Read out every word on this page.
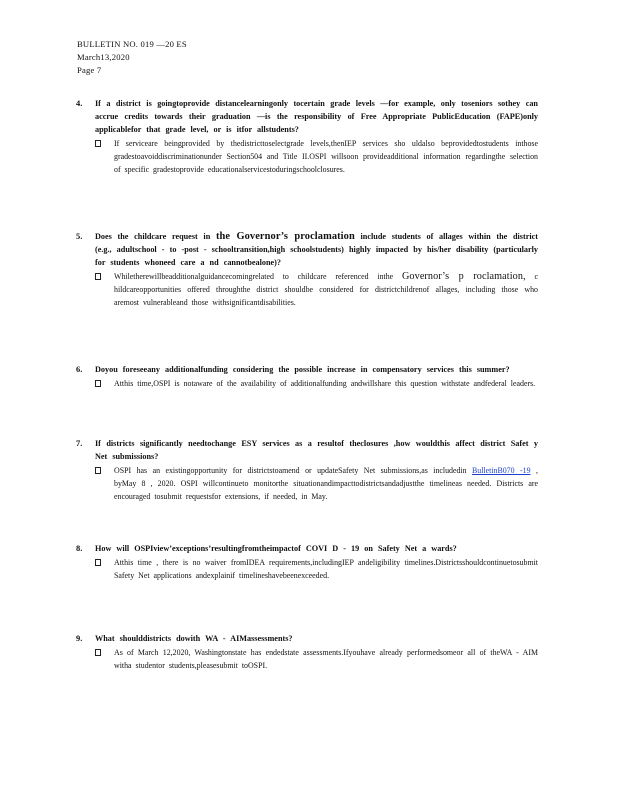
BULLETIN NO. 019 —20 ES
March13,2020
Page 7
4.	If a district is goingtoprovide distancelearningonly tocertain grade levels —for example, only toseniors sothey can accrue credits towards their graduation —is the responsibility of Free Appropriate PublicEducation (FAPE)only applicablefor that grade level, or is itfor allstudents?
If serviceare beingprovided by thedistricttoselectgrade levels,thenIEP services sho uldalso beprovidedtostudents inthose gradestoavoiddiscriminationunder Section504 and Title II.OSPI willsoon provideadditional information regardingthe selection of specific gradestoprovide educationalservicestoduringschoolclosures.
5.	Does the childcare request in the Governor’s proclamation include students of allages within the district (e.g., adultschool - to -post - schooltransition,high schoolstudents) highly impacted by his/her disability (particularly for students whoneed care a nd cannotbealone)?
Whiletherewillbeadditionalguidancecomingrelated to childcare referenced inthe Governor’s p roclamation, c hildcareopportunities offered throughthe district shouldbe considered for districtchildrenof allages, including those who aremost vulnerableand those withsignificantdisabilities.
6.	Doyou foreseeany additionalfunding considering the possible increase in compensatory services this summer?
Atthis time,OSPI is notaware of the availability of additionalfunding andwillshare this question withstate andfederal leaders.
7.	If districts significantly needtochange ESY services as a resultof theclosures ,how wouldthis affect district Safet y Net submissions?
OSPI has an existingopportunity for districtstoamend or updateSafety Net submissions,as includedin BulletinB070 -19 , byMay 8 , 2020. OSPI willcontinueto monitorthe situationandimpacttodistrictsandadjustthe timelineas needed. Districts are encouraged tosubmit requestsfor extensions, if needed, in May.
8.	How will OSPIview’exceptions’resultingfromtheimpactof COVI D - 19 on Safety Net a wards?
Atthis time , there is no waiver fromIDEA requirements,includingIEP andeligibility timelines.Districtsshouldcontinuetosubmit Safety Net applications andexplainif timelineshavebeenexceeded.
9.	What shoulddistricts dowith WA - AIMassessments?
As of March 12,2020, Washingtonstate has endedstate assessments.Ifyouhave already performedsomeor all of theWA - AIM witha studentor students,pleasesubmit toOSPI.
